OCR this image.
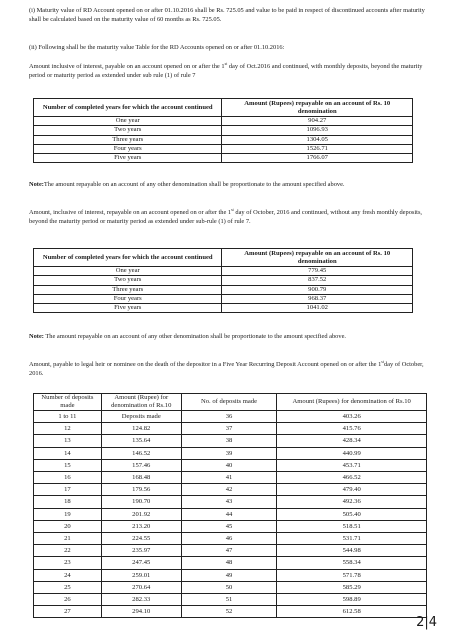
(i) Maturity value of RD Account opened on or after 01.10.2016 shall be Rs. 725.05 and value to be paid in respect of discontinued accounts after maturity shall be calculated based on the maturity value of 60 months as Rs. 725.05.
(ii) Following shall be the maturity value Table for the RD Accounts opened on or after 01.10.2016:
Amount inclusive of interest, payable on an account opened on or after the 1st day of Oct.2016 and continued, with monthly deposits, beyond the maturity period or maturity period as extended under sub rule (1) of rule 7
Number of completed years for which the account continued	Amount (Rupees) repayable on an account of Rs. 10 denomination
One year	904.27
Two years	1096.93
Three years	1304.05
Four years	1526.71
Five years	1766.07
Note:The amount repayable on an account of any other denomination shall be proportionate to the amount specified above.
Amount, inclusive of interest, repayable on an account opened on or after the 1st day of October, 2016 and continued, without any fresh monthly deposits, beyond the maturity period or maturity period as extended under sub-rule (1) of rule 7.
Number of completed years for which the account continued	Amount (Rupees) repayable on an account of Rs. 10 denomination
One year	779.45
Two years	837.52
Three years	900.79
Four years	968.37
Five years	1041.02
Note: The amount repayable on an account of any other denomination shall be proportionate to the amount specified above.
Amount, payable to legal heir or nominee on the death of the depositor in a Five Year Recurring Deposit Account opened on or after the 1stday of October, 2016.
Number of deposits made	Amount (Rupee) for denomination of Rs.10	No. of deposits made	Amount (Rupees) for denomination of Rs.10
1 to 11	Deposits made	36	403.26
12	124.82	37	415.76
13	135.64	38	428.34
14	146.52	39	440.99
15	157.46	40	453.71
16	168.48	41	466.52
17	179.56	42	479.40
18	190.70	43	492.36
19	201.92	44	505.40
20	213.20	45	518.51
21	224.55	46	531.71
22	235.97	47	544.98
23	247.45	48	558.34
24	259.01	49	571.78
25	270.64	50	585.29
26	282.33	51	598.89
27	294.10	52	612.58
2|4
